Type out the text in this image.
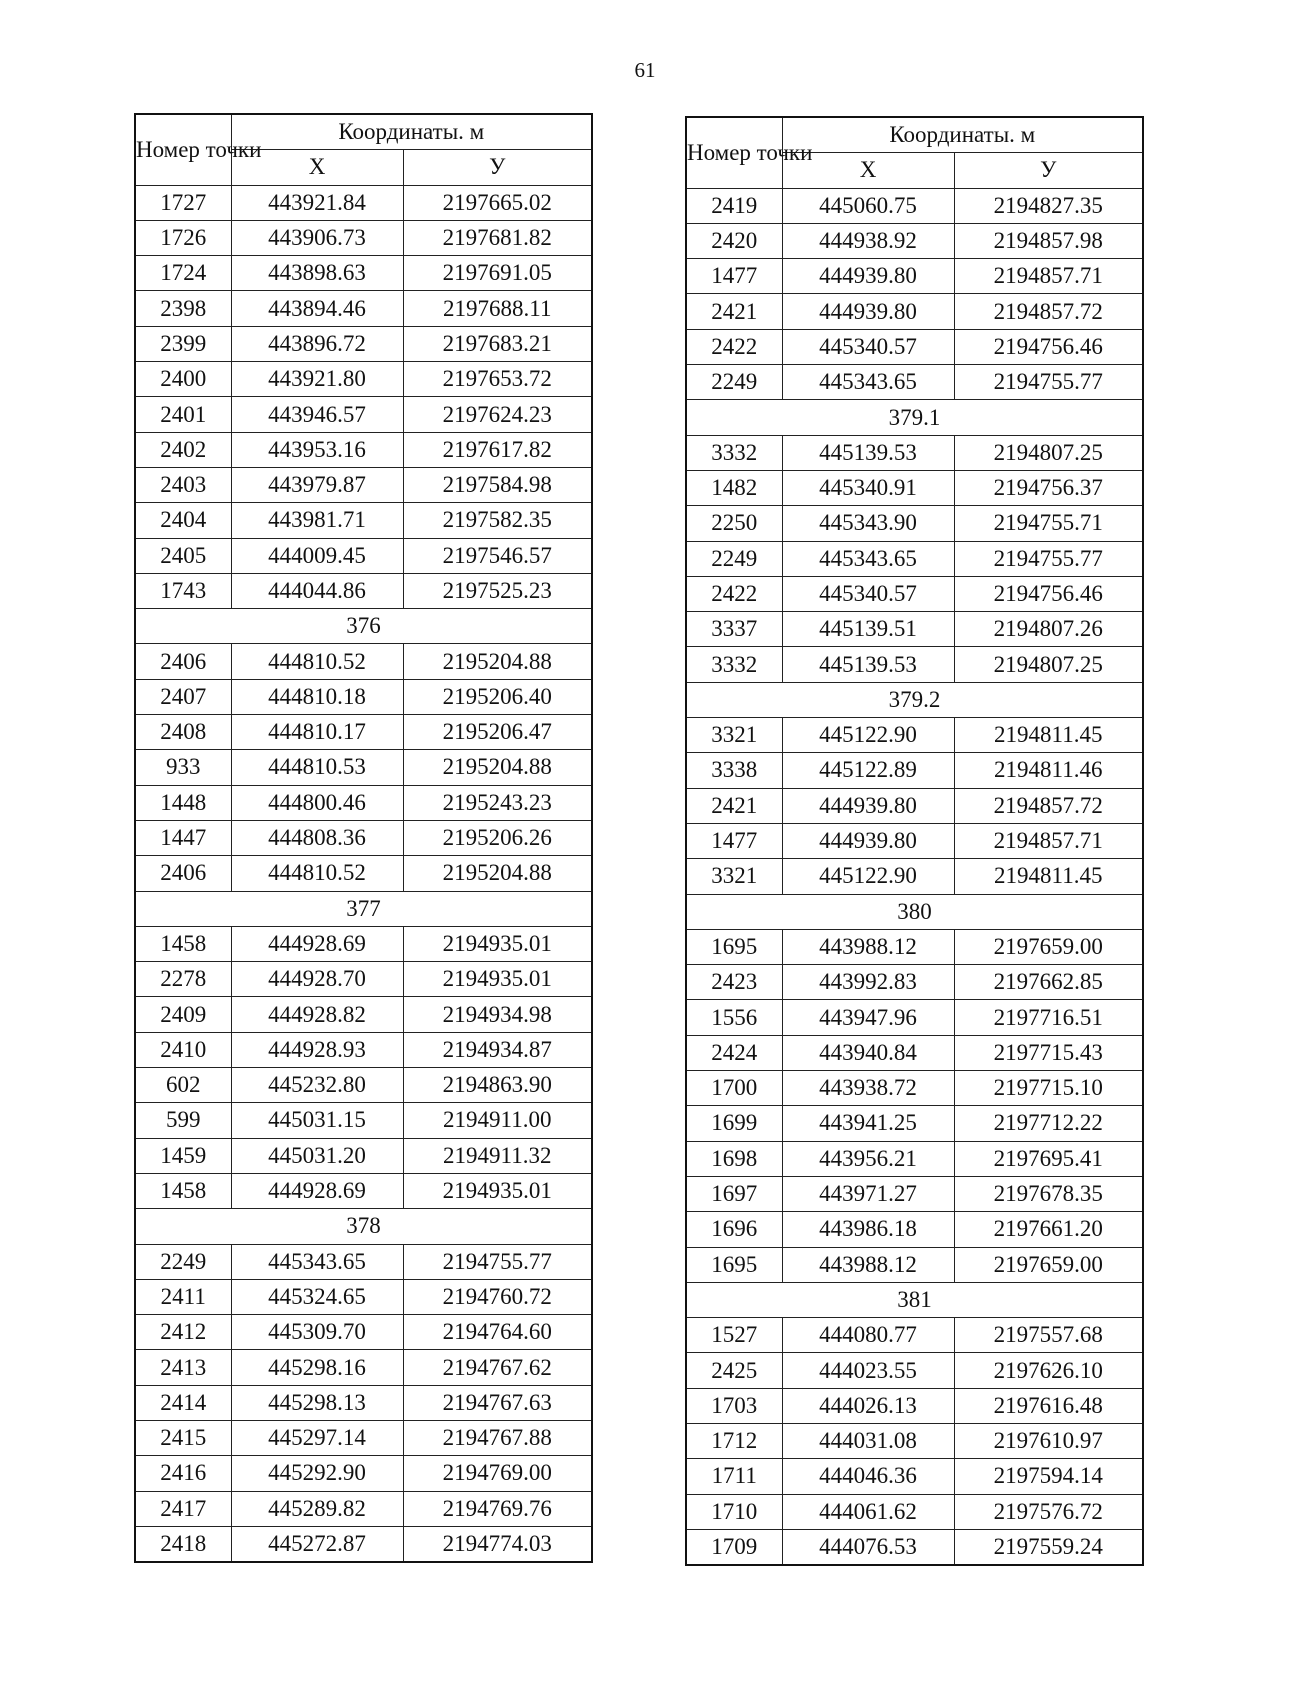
61
Номер точки	Координаты. м	
	X	У
1727	443921.84	2197665.02
1726	443906.73	2197681.82
1724	443898.63	2197691.05
2398	443894.46	2197688.11
2399	443896.72	2197683.21
2400	443921.80	2197653.72
2401	443946.57	2197624.23
2402	443953.16	2197617.82
2403	443979.87	2197584.98
2404	443981.71	2197582.35
2405	444009.45	2197546.57
1743	444044.86	2197525.23
376		
2406	444810.52	2195204.88
2407	444810.18	2195206.40
2408	444810.17	2195206.47
933	444810.53	2195204.88
1448	444800.46	2195243.23
1447	444808.36	2195206.26
2406	444810.52	2195204.88
377		
1458	444928.69	2194935.01
2278	444928.70	2194935.01
2409	444928.82	2194934.98
2410	444928.93	2194934.87
602	445232.80	2194863.90
599	445031.15	2194911.00
1459	445031.20	2194911.32
1458	444928.69	2194935.01
378		
2249	445343.65	2194755.77
2411	445324.65	2194760.72
2412	445309.70	2194764.60
2413	445298.16	2194767.62
2414	445298.13	2194767.63
2415	445297.14	2194767.88
2416	445292.90	2194769.00
2417	445289.82	2194769.76
2418	445272.87	2194774.03
Номер точки	Координаты. м	
	X	У
2419	445060.75	2194827.35
2420	444938.92	2194857.98
1477	444939.80	2194857.71
2421	444939.80	2194857.72
2422	445340.57	2194756.46
2249	445343.65	2194755.77
379.1		
3332	445139.53	2194807.25
1482	445340.91	2194756.37
2250	445343.90	2194755.71
2249	445343.65	2194755.77
2422	445340.57	2194756.46
3337	445139.51	2194807.26
3332	445139.53	2194807.25
379.2		
3321	445122.90	2194811.45
3338	445122.89	2194811.46
2421	444939.80	2194857.72
1477	444939.80	2194857.71
3321	445122.90	2194811.45
380		
1695	443988.12	2197659.00
2423	443992.83	2197662.85
1556	443947.96	2197716.51
2424	443940.84	2197715.43
1700	443938.72	2197715.10
1699	443941.25	2197712.22
1698	443956.21	2197695.41
1697	443971.27	2197678.35
1696	443986.18	2197661.20
1695	443988.12	2197659.00
381		
1527	444080.77	2197557.68
2425	444023.55	2197626.10
1703	444026.13	2197616.48
1712	444031.08	2197610.97
1711	444046.36	2197594.14
1710	444061.62	2197576.72
1709	444076.53	2197559.24
